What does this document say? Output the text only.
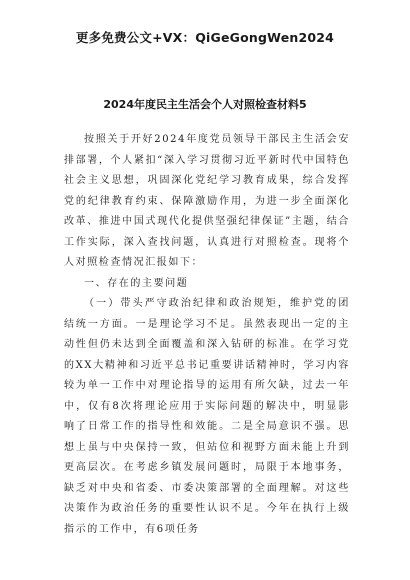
更多免费公文+VX：QiGeGongWen2024
2024年度民主生活会个人对照检查材料5

按照关于开好2024年度党员领导干部民主生活会安排部署，个人紧扣“深入学习贯彻习近平新时代中国特色社会主义思想，巩固深化党纪学习教育成果，综合发挥党的纪律教育约束、保障激励作用，为进一步全面深化改革、推进中国式现代化提供坚强纪律保证”主题，结合工作实际，深入查找问题，认真进行对照检查。现将个人对照检查情况汇报如下：

一、存在的主要问题

（一）带头严守政治纪律和政治规矩，维护党的团结统一方面。一是理论学习不足。虽然表现出一定的主动性但仍未达到全面覆盖和深入钻研的标准。在学习党的XX大精神和习近平总书记重要讲话精神时，学习内容较为单一工作中对理论指导的运用有所欠缺，过去一年中，仅有8次将理论应用于实际问题的解决中，明显影响了日常工作的指导性和效能。二是全局意识不强。思想上虽与中央保持一致，但站位和视野方面未能上升到更高层次。在考虑乡镇发展问题时，局限于本地事务，缺乏对中央和省委、市委决策部署的全面理解。对这些决策作为政治任务的重要性认识不足。今年在执行上级指示的工作中，有6项任务
